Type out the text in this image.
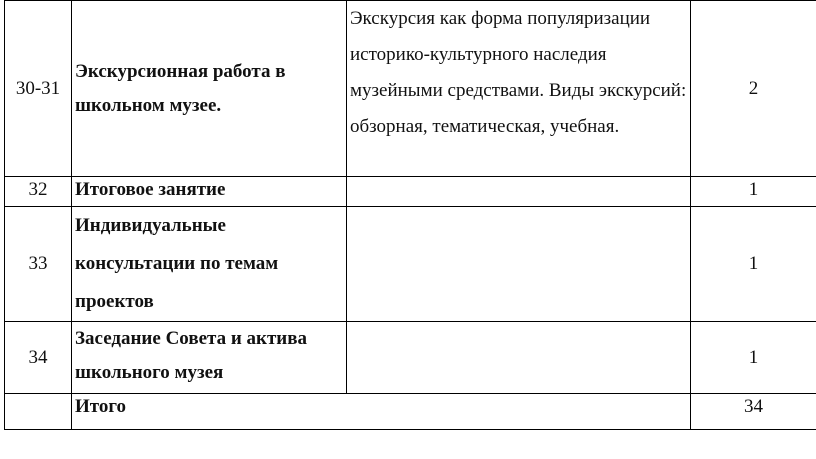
30-31	Экскурсионная работа в школьном музее.	Экскурсия как форма популяризации историко-культурного наследия музейными средствами. Виды экскурсий: обзорная, тематическая, учебная.	2
32	Итоговое занятие		1
33	Индивидуальные консультации по темам проектов		1
34	Заседание Совета и актива школьного музея		1
	Итого		34
